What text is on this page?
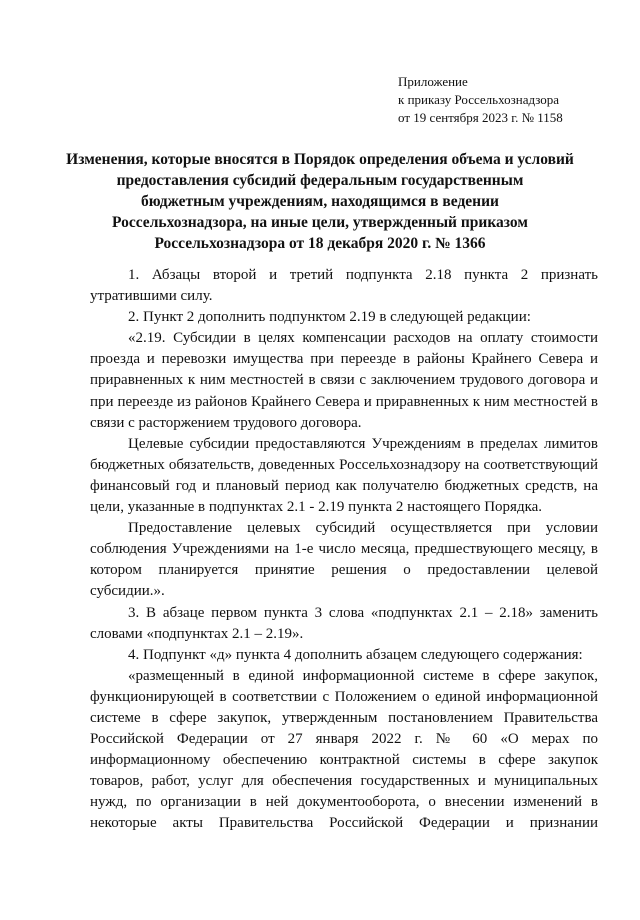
Приложение
к приказу Россельхознадзора
от 19 сентября 2023 г. № 1158
Изменения, которые вносятся в Порядок определения объема и условий
предоставления субсидий федеральным государственным
бюджетным учреждениям, находящимся в ведении
Россельхознадзора, на иные цели, утвержденный приказом
Россельхознадзора от 18 декабря 2020 г. № 1366

1. Абзацы второй и третий подпункта 2.18 пункта 2 признать утратившими силу.

2. Пункт 2 дополнить подпунктом 2.19 в следующей редакции:

«2.19. Субсидии в целях компенсации расходов на оплату стоимости проезда и перевозки имущества при переезде в районы Крайнего Севера и приравненных к ним местностей в связи с заключением трудового договора и при переезде из районов Крайнего Севера и приравненных к ним местностей в связи с расторжением трудового договора.

Целевые субсидии предоставляются Учреждениям в пределах лимитов бюджетных обязательств, доведенных Россельхознадзору на соответствующий финансовый год и плановый период как получателю бюджетных средств, на цели, указанные в подпунктах 2.1 - 2.19 пункта 2 настоящего Порядка.

Предоставление целевых субсидий осуществляется при условии соблюдения Учреждениями на 1-е число месяца, предшествующего месяцу, в котором планируется принятие решения о предоставлении целевой субсидии.».

3. В абзаце первом пункта 3 слова «подпунктах 2.1 – 2.18» заменить словами «подпунктах 2.1 – 2.19».

4. Подпункт «д» пункта 4 дополнить абзацем следующего содержания:

«размещенный в единой информационной системе в сфере закупок, функционирующей в соответствии с Положением о единой информационной системе в сфере закупок, утвержденным постановлением Правительства Российской Федерации от 27 января 2022 г. № 60 «О мерах по информационному обеспечению контрактной системы в сфере закупок товаров, работ, услуг для обеспечения государственных и муниципальных нужд, по организации в ней документооборота, о внесении изменений в некоторые акты Правительства Российской Федерации и признании
